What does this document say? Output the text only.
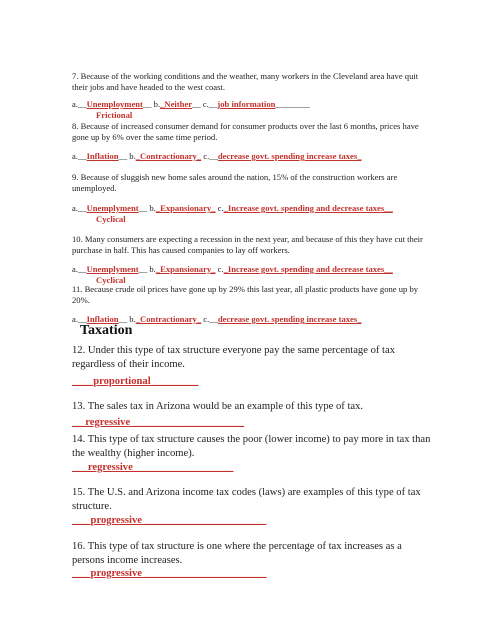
7. Because of the working conditions and the weather, many workers in the Cleveland area have quit their jobs and have headed to the west coast.
a.__Unemployment__ b._Neither__ c.__job information________
Frictional
8. Because of increased consumer demand for consumer products over the last 6 months, prices have gone up by 6% over the same time period.
a.__Inflation__ b._Contractionary_ c.__decrease govt. spending increase taxes_
9. Because of sluggish new home sales around the nation, 15% of the construction workers are unemployed.
a.__Unemplyment__ b._Expansionary_ c._Increase govt. spending and decrease taxes__
Cyclical
10. Many consumers are expecting a recession in the next year, and because of this they have cut their purchase in half. This has caused companies to lay off workers.
a.__Unemplyment__ b._Expansionary_ c._Increase govt. spending and decrease taxes__
Cyclical
11. Because crude oil prices have gone up by 29% this last year, all plastic products have gone up by 20%.
a.__Inflation__ b._Contractionary_ c.__decrease govt. spending increase taxes_
Taxation
12. Under this type of tax structure everyone pay the same percentage of tax regardless of their income.
____proportional_________
13. The sales tax in Arizona would be an example of this type of tax.
__ regressive _____________________
14. This type of tax structure causes the poor (lower income) to pay more in tax than the wealthy (higher income).
___regressive___________________
15. The U.S. and Arizona income tax codes (laws) are examples of this type of tax structure.
___ progressive _______________________
16. This type of tax structure is one where the percentage of tax increases as a persons income increases.
___ progressive _______________________
